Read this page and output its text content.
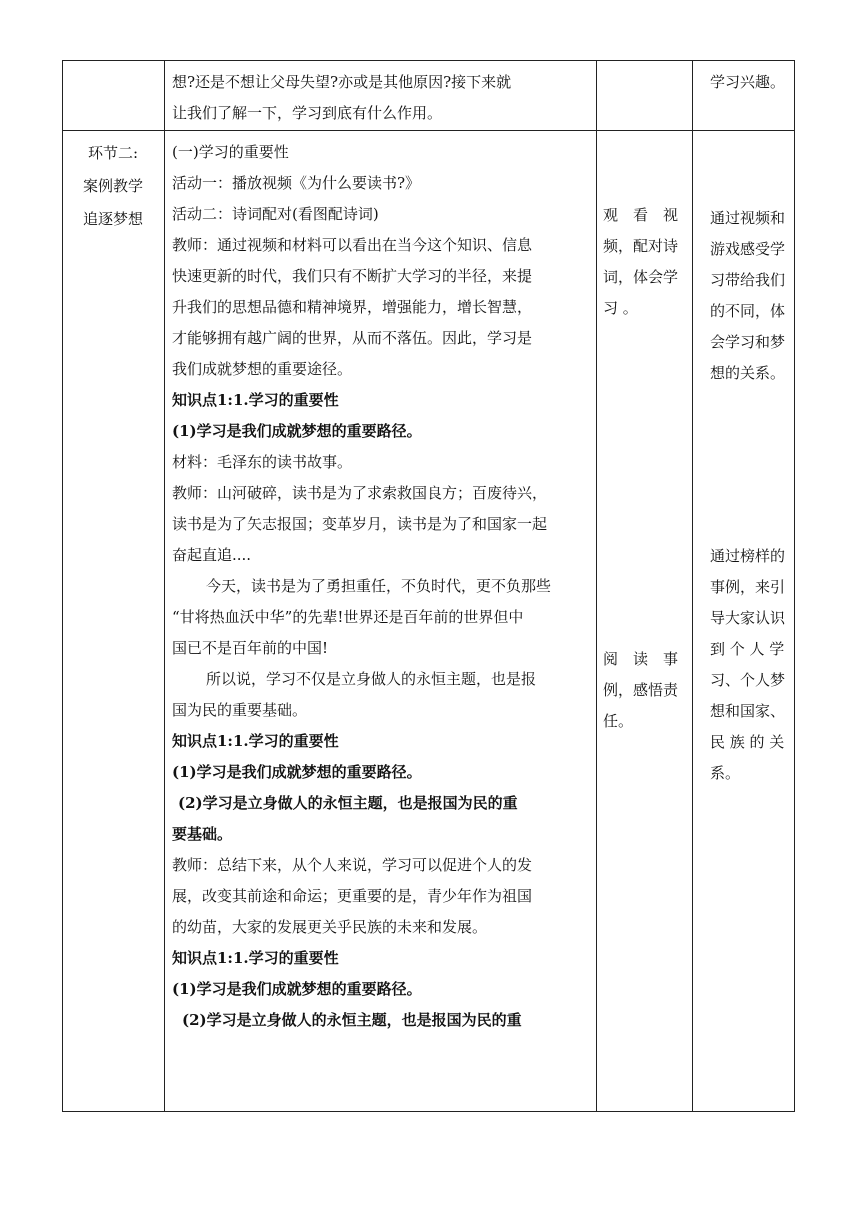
想?还是不想让父母失望?亦或是其他原因?接下来就
让我们了解一下，学习到底有什么作用。
学习兴趣。
环节二:
案例教学
追逐梦想
(一)学习的重要性
活动一：播放视频《为什么要读书?》
活动二：诗词配对(看图配诗词)
教师：通过视频和材料可以看出在当今这个知识、信息
快速更新的时代，我们只有不断扩大学习的半径，来提
升我们的思想品德和精神境界，增强能力，增长智慧，
才能够拥有越广阔的世界，从而不落伍。因此，学习是
我们成就梦想的重要途径。
知识点1:1.学习的重要性
(1)学习是我们成就梦想的重要路径。
材料：毛泽东的读书故事。
教师：山河破碎，读书是为了求索救国良方；百废待兴，
读书是为了矢志报国；变革岁月，读书是为了和国家一起
奋起直追....
今天，读书是为了勇担重任，不负时代，更不负那些
“甘将热血沃中华”的先辈!世界还是百年前的世界但中
国已不是百年前的中国!
所以说，学习不仅是立身做人的永恒主题，也是报
国为民的重要基础。
知识点1:1.学习的重要性
(1)学习是我们成就梦想的重要路径。
(2)学习是立身做人的永恒主题，也是报国为民的重
要基础。
教师：总结下来，从个人来说，学习可以促进个人的发
展，改变其前途和命运；更重要的是，青少年作为祖国
的幼苗，大家的发展更关乎民族的未来和发展。
知识点1:1.学习的重要性
(1)学习是我们成就梦想的重要路径。
(2)学习是立身做人的永恒主题，也是报国为民的重
观　看　视
频，配对诗
词，体会学
习 。
阅　读　事
例，感悟责
任。
通过视频和
游戏感受学
习带给我们
的不同，体
会学习和梦
想的关系。
通过榜样的
事例，来引
导大家认识
到 个 人 学
习、个人梦
想和国家、
民 族 的 关
系。
